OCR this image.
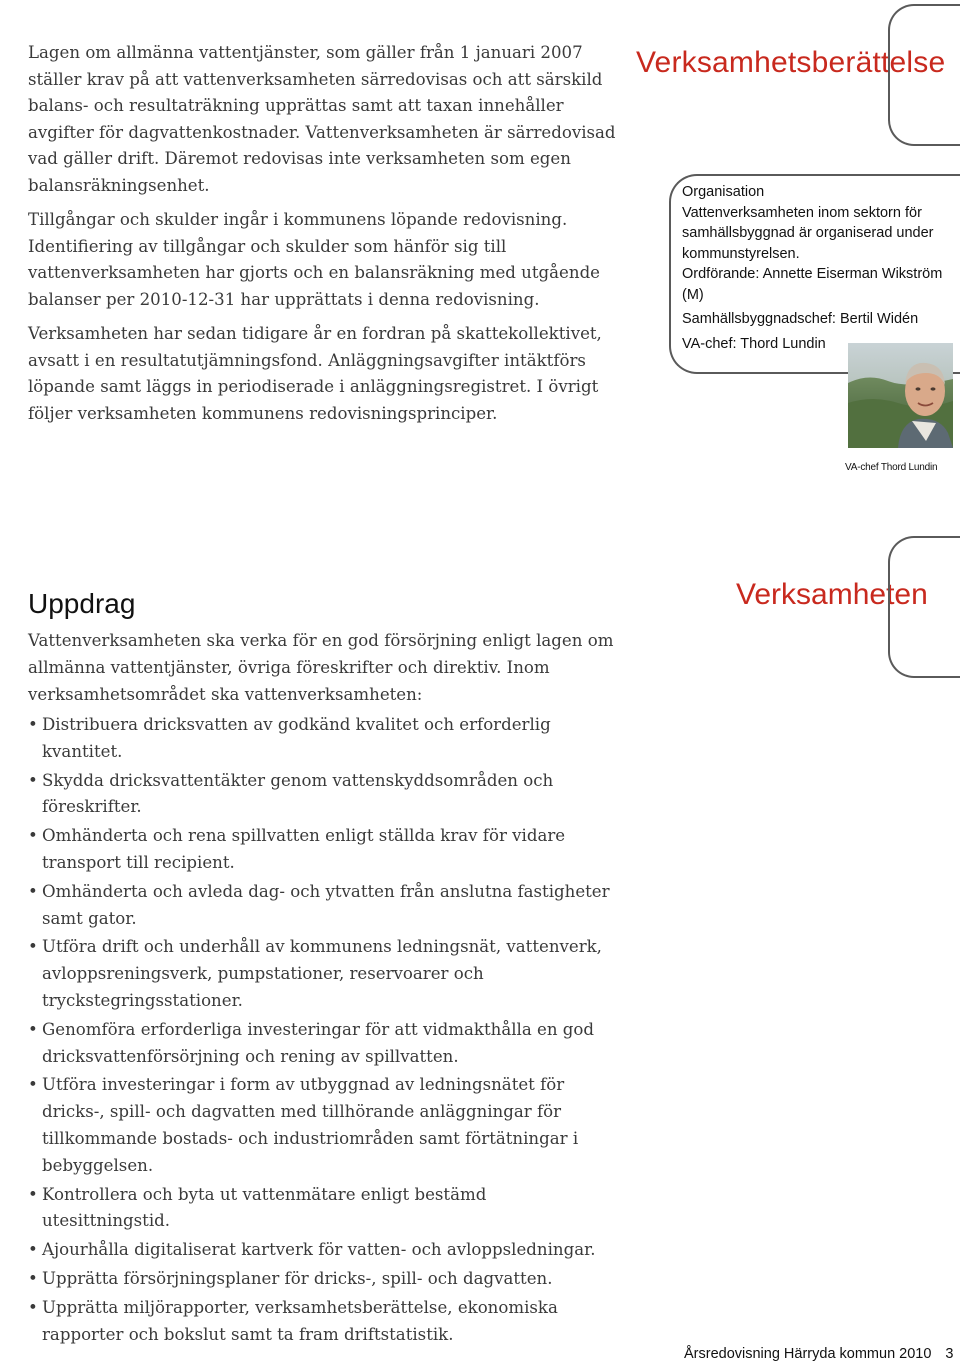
Lagen om allmänna vattentjänster, som gäller från 1 januari 2007 ställer krav på att vattenverksamheten särredovisas och att särskild balans- och resultaträkning upprättas samt att taxan innehåller avgifter för dagvattenkostnader. Vattenverksamheten är särredovisad vad gäller drift. Däremot redovisas inte verksamheten som egen balansräkningsenhet.

Tillgångar och skulder ingår i kommunens löpande redovisning. Identifiering av tillgångar och skulder som hänför sig till vattenverksamheten har gjorts och en balansräkning med utgående balanser per 2010-12-31 har upprättats i denna redovisning.

Verksamheten har sedan tidigare år en fordran på skattekollektivet, avsatt i en resultatutjämningsfond. Anläggningsavgifter intäktförs löpande samt läggs in periodiserade i anläggningsregistret. I övrigt följer verksamheten kommunens redovisningsprinciper.

Verksamhetsberättelse
Organisation
Vattenverksamheten inom sektorn för samhällsbyggnad är organiserad under kommunstyrelsen.
Ordförande: Annette Eiserman Wikström (M)
Samhällsbyggnadschef: Bertil Widén
VA-chef: Thord Lundin
VA-chef Thord Lundin
Verksamheten
Uppdrag

Vattenverksamheten ska verka för en god försörjning enligt lagen om allmänna vattentjänster, övriga föreskrifter och direktiv. Inom verksamhetsområdet ska vattenverksamheten:

• Distribuera dricksvatten av godkänd kvalitet och erforderlig kvantitet.
• Skydda dricksvattentäkter genom vattenskyddsområden och föreskrifter.
• Omhänderta och rena spillvatten enligt ställda krav för vidare transport till recipient.
• Omhänderta och avleda dag- och ytvatten från anslutna fastigheter samt gator.
• Utföra drift och underhåll av kommunens ledningsnät, vattenverk, avloppsreningsverk, pumpstationer, reservoarer och tryckstegringsstationer.
• Genomföra erforderliga investeringar för att vidmakthålla en god dricksvattenförsörjning och rening av spillvatten.
• Utföra investeringar i form av utbyggnad av ledningsnätet för dricks-, spill- och dagvatten med tillhörande anläggningar för tillkommande bostads- och industriområden samt förtätningar i bebyggelsen.
• Kontrollera och byta ut vattenmätare enligt bestämd utesittningstid.
• Ajourhålla digitaliserat kartverk för vatten- och avloppsledningar.
• Upprätta försörjningsplaner för dricks-, spill- och dagvatten.
• Upprätta miljörapporter, verksamhetsberättelse, ekonomiska rapporter och bokslut samt ta fram driftstatistik.
Årsredovisning Härryda kommun 2010 3
